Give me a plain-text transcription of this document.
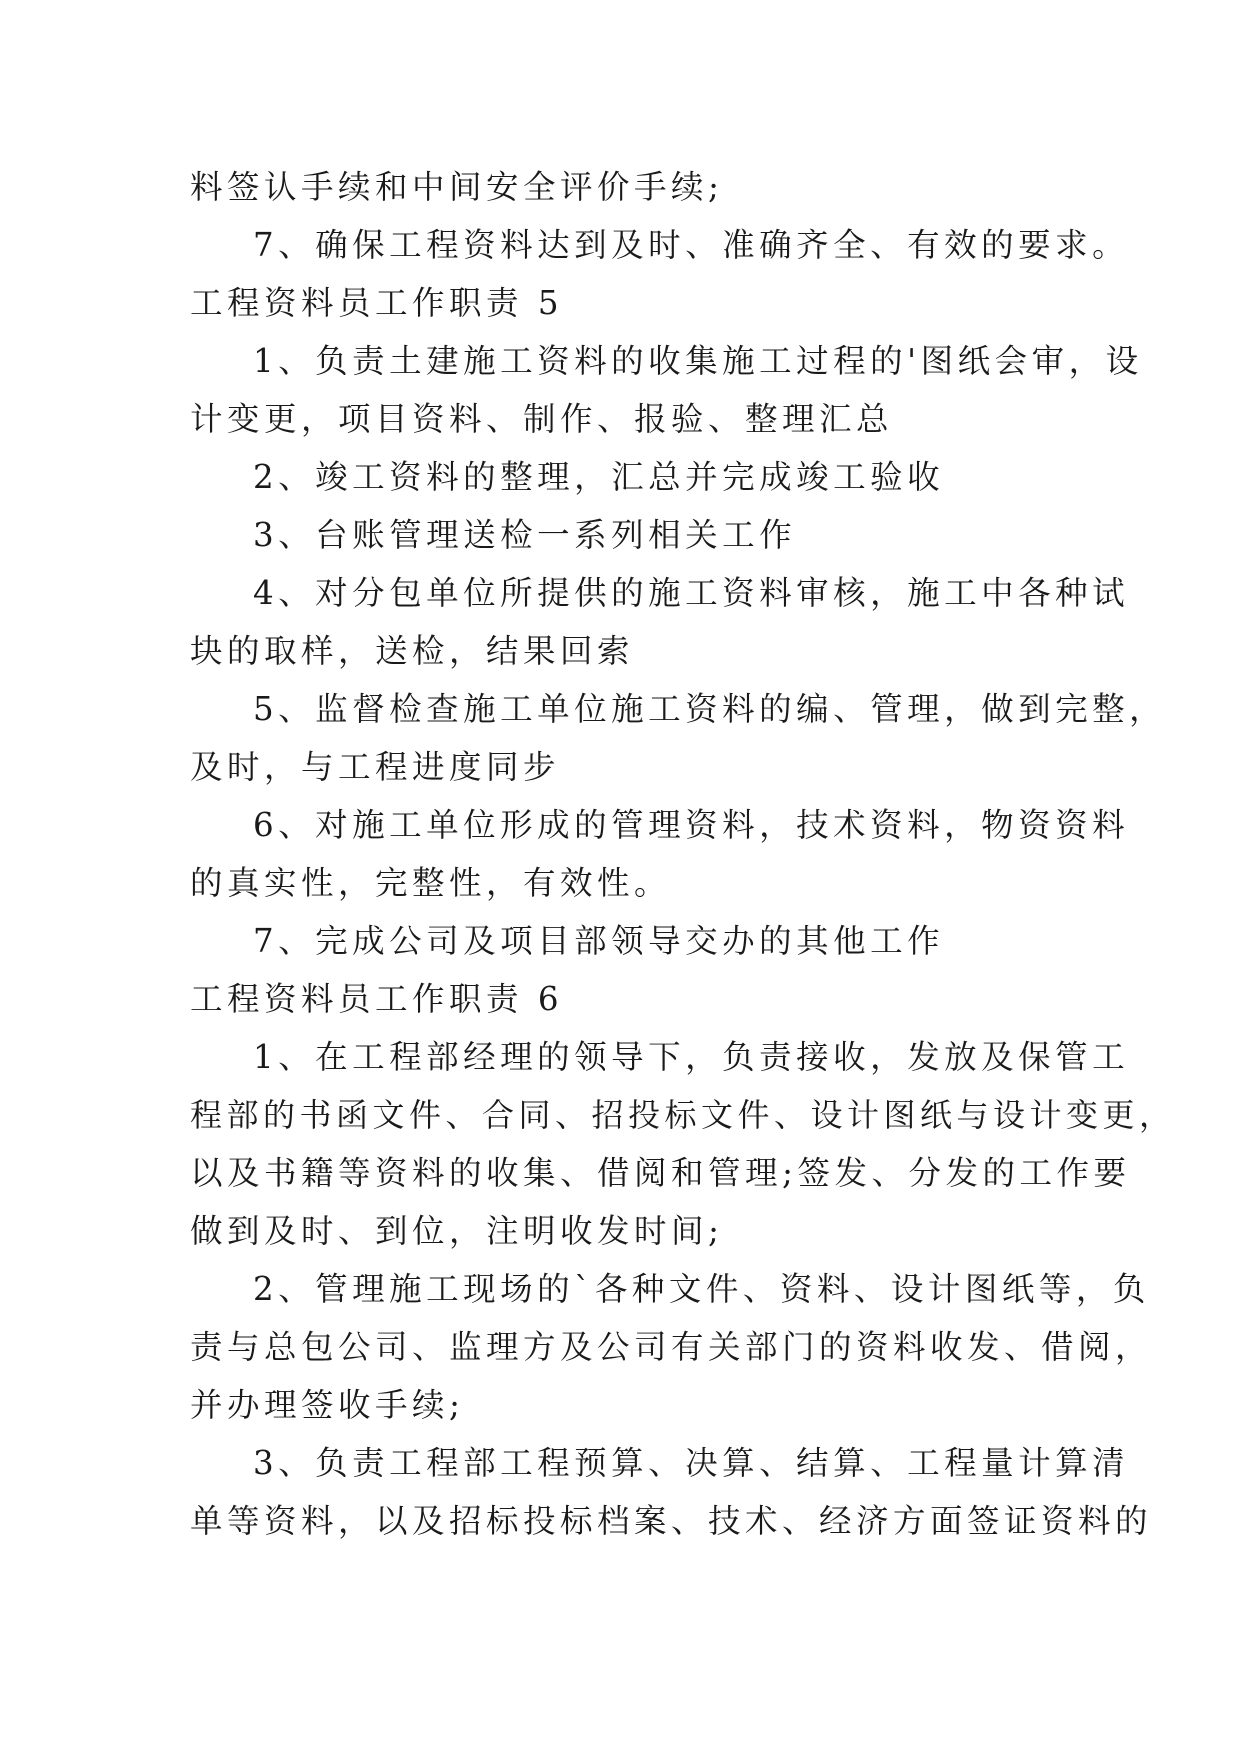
料签认手续和中间安全评价手续;
7、确保工程资料达到及时、准确齐全、有效的要求。
工程资料员工作职责 5
1、负责土建施工资料的收集施工过程的'图纸会审，设
计变更，项目资料、制作、报验、整理汇总
2、竣工资料的整理，汇总并完成竣工验收
3、台账管理送检一系列相关工作
4、对分包单位所提供的施工资料审核，施工中各种试
块的取样，送检，结果回索
5、监督检查施工单位施工资料的编、管理，做到完整，
及时，与工程进度同步
6、对施工单位形成的管理资料，技术资料，物资资料
的真实性，完整性，有效性。
7、完成公司及项目部领导交办的其他工作
工程资料员工作职责 6
1、在工程部经理的领导下，负责接收，发放及保管工
程部的书函文件、合同、招投标文件、设计图纸与设计变更，
以及书籍等资料的收集、借阅和管理;签发、分发的工作要
做到及时、到位，注明收发时间;
2、管理施工现场的`各种文件、资料、设计图纸等，负
责与总包公司、监理方及公司有关部门的资料收发、借阅，
并办理签收手续;
3、负责工程部工程预算、决算、结算、工程量计算清
单等资料，以及招标投标档案、技术、经济方面签证资料的
